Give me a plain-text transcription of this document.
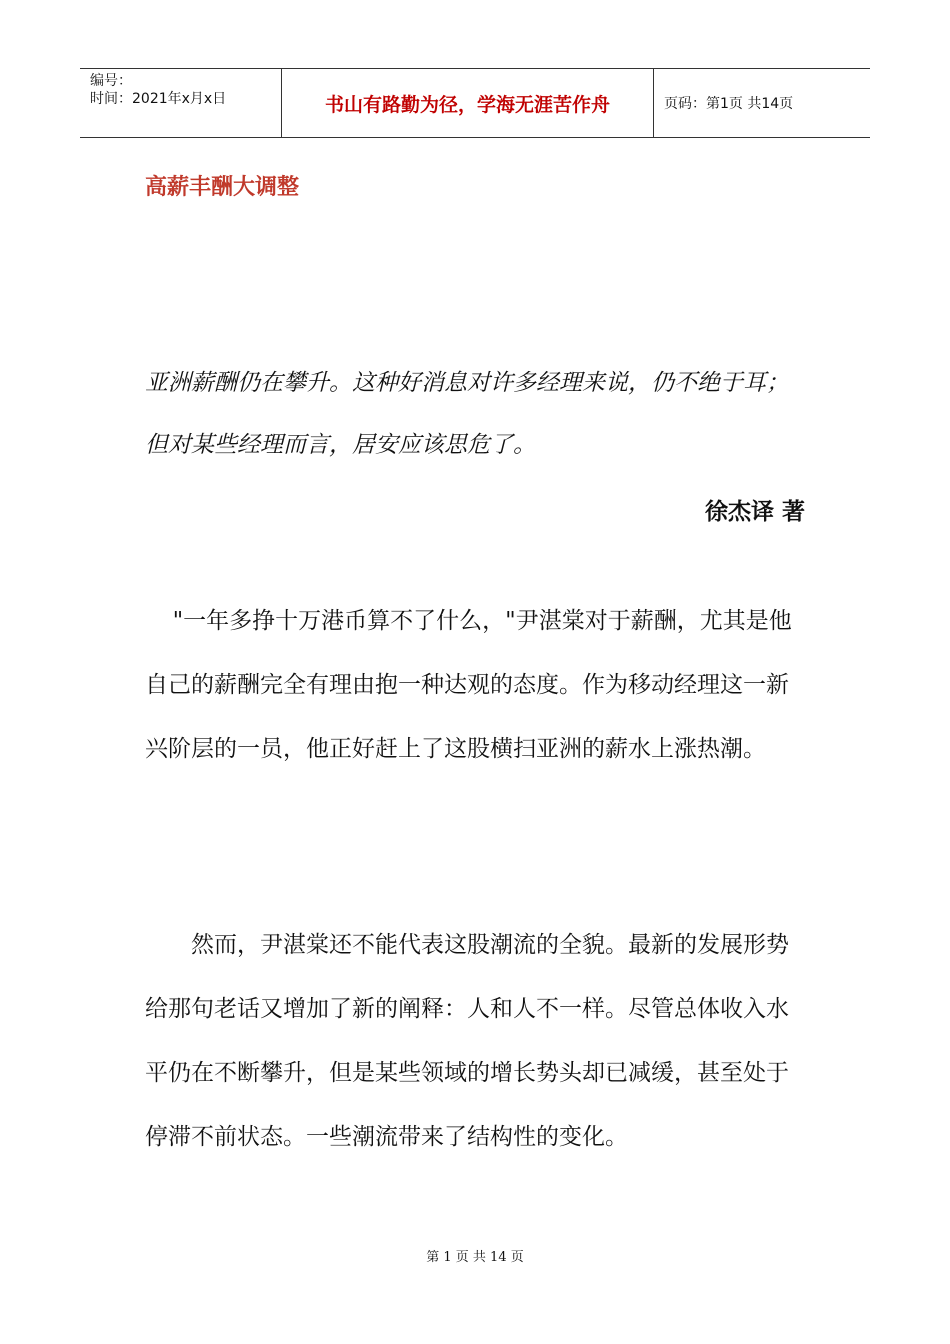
编号：
时间：2021年x月x日	书山有路勤为径，学海无涯苦作舟	页码：第1页 共14页
高薪丰酬大调整
亚洲薪酬仍在攀升。这种好消息对许多经理来说，仍不绝于耳；但对某些经理而言，居安应该思危了。
徐杰译 著
"一年多挣十万港币算不了什么，"尹湛棠对于薪酬，尤其是他自己的薪酬完全有理由抱一种达观的态度。作为移动经理这一新兴阶层的一员，他正好赶上了这股横扫亚洲的薪水上涨热潮。
然而，尹湛棠还不能代表这股潮流的全貌。最新的发展形势给那句老话又增加了新的阐释：人和人不一样。尽管总体收入水平仍在不断攀升，但是某些领域的增长势头却已减缓，甚至处于停滞不前状态。一些潮流带来了结构性的变化。
第 1 页 共 14 页
